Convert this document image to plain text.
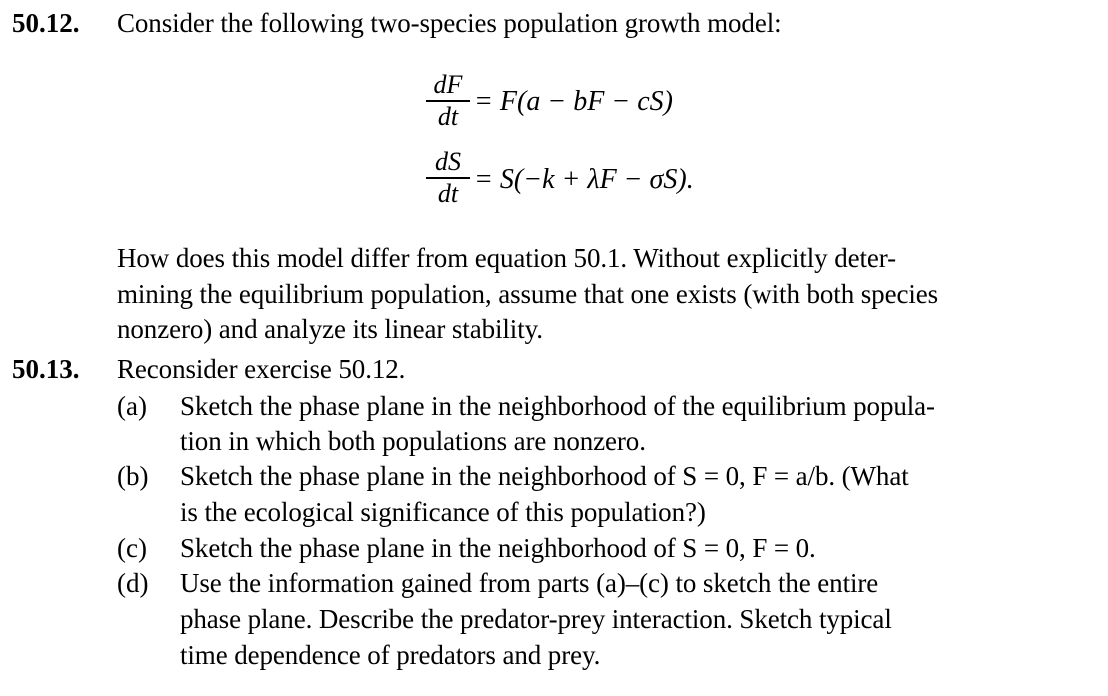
50.12. Consider the following two-species population growth model:
dF
dt = F(a − bF − cS)
dS
dt = S(−k + λF − σS).
How does this model differ from equation 50.1. Without explicitly deter-
mining the equilibrium population, assume that one exists (with both species
nonzero) and analyze its linear stability.
50.13. Reconsider exercise 50.12.
(a) Sketch the phase plane in the neighborhood of the equilibrium popula-
tion in which both populations are nonzero.
(b) Sketch the phase plane in the neighborhood of S = 0, F = a/b. (What
is the ecological significance of this population?)
(c) Sketch the phase plane in the neighborhood of S = 0, F = 0.
(d) Use the information gained from parts (a)–(c) to sketch the entire
phase plane. Describe the predator-prey interaction. Sketch typical
time dependence of predators and prey.
